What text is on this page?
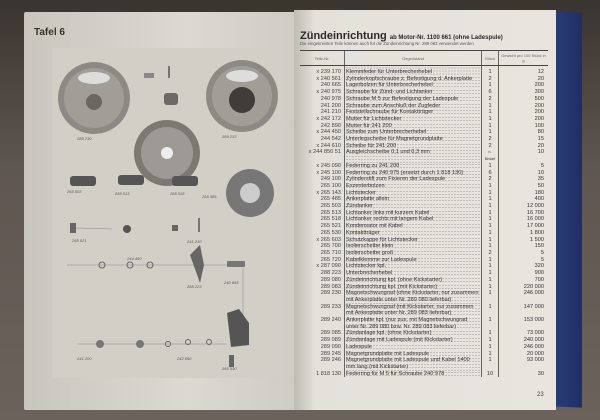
Tafel 6
289 230	289 233
265 485
240 665
288 223
265 530
241 200
244 450
242 890
265 503	265 513	265 518
265 521	241 210
Zündeinrichtung ab Motor-Nr. 1100 661 (ohne Ladespule)
Die eingekreisten Teile können auch für die Zündeinrichtung Nr. 289 083 verwendet werden
Teile-Nr.	Gegenstand	Stück	Gewicht pro 100 Stück in g
x 239 170	Klemmfeder für Unterbrecherhebel	1	12
x 240 561	Zylinderkopfschraube z. Befestigung d. Ankerplatte	2	20
240 665	Lagerbolzen für Unterbrecherhebel	1	200
x 240 975	Schraube für Zünd- und Lichtanker	6	300
240 978	Schraube M 5 zur Befestigung der Ladespule	2	500
241 200	Schraube zum Anschluß der Zugfeder	1	200
241 210	Feststellschraube für Kontaktträger	1	200
x 242 172	Mutter für Lichtstecker	1	200
242 890	Mutter für 241 200	1	100
x 244 450	Scheibe zum Unterbrecherhebel	1	80
244 542	Unterlegscheibe für Magnetgrundplatte	2	15
x 244 610	Scheibe für 241 200	2	20
x 244 850 51	Ausgleichscheibe 0,1 und 0,3 mm	n. Bedarf	10
x 245 090	Federring zu 241 200	1	5
x 245 100	Federring zu 240 975 (ersetzt durch 1 818 130)	6	10
249 100	Zylinderstift zum Fixieren der Ladespule	2	35
265 100	Exzenterbolzen	1	50
x 265 143	Lichtstecker	1	180
265 485	Ankerplatte allein	1	400
265 503	Zündanker	1	12 000
265 513	Lichtanker links mit kurzem Kabel	1	16 700
265 518	Lichtanker rechts mit langem Kabel	1	16 000
265 521	Kondensator mit Kabel	1	17 000
265 530	Kontaktträger	1	1 800
x 265 603	Schutzkappe für Lichtstecker	1	1 500
265 700	Isolierscheibe klein	1	150
265 710	Isolierscheibe groß	2	5
265 720	Kabelklemme zur Ladespule	1	5
x 287 090	Lichtstecker kpl.	1	320
288 223	Unterbrecherhebel	1	900
289 080	Zündeinrichtung kpl. (ohne Kickstarter)	1	700
289 083	Zündeinrichtung kpl. (mit Kickstarter)	1	220 000
289 230	Magnetschwungrad (ohne Kickstarter, nur zusammen mit Ankerplatte unter Nr. 289 080 lieferbar)	1	246 000
289 233	Magnetschwungrad (mit Kickstarter, nur zusammen mit Ankerplatte unter Nr. 289 083 lieferbar)	1	147 000
289 240	Ankerplatte kpl. (nur zus. mit Magnetschwungrad unter Nr. 289 080 bzw. Nr. 289 083 lieferbar)	1	153 000
289 085	Zündanlage kpl. (ohne Kickstarter)	1	73 000
289 089	Zündanlage mit Ladespule (mit Kickstarter)	1	240 000
289 090	Ladespule	1	246 000
289 245	Magnetgrundplatte mit Ladespule	1	20 000
289 246	Magnetgrundplatte mit Ladespule und Kabel 1400 mm lang (mit Kickstarter)	1	93 000
1 818 130	Federring für M 5 für Schraube 240 978	10	30
23
